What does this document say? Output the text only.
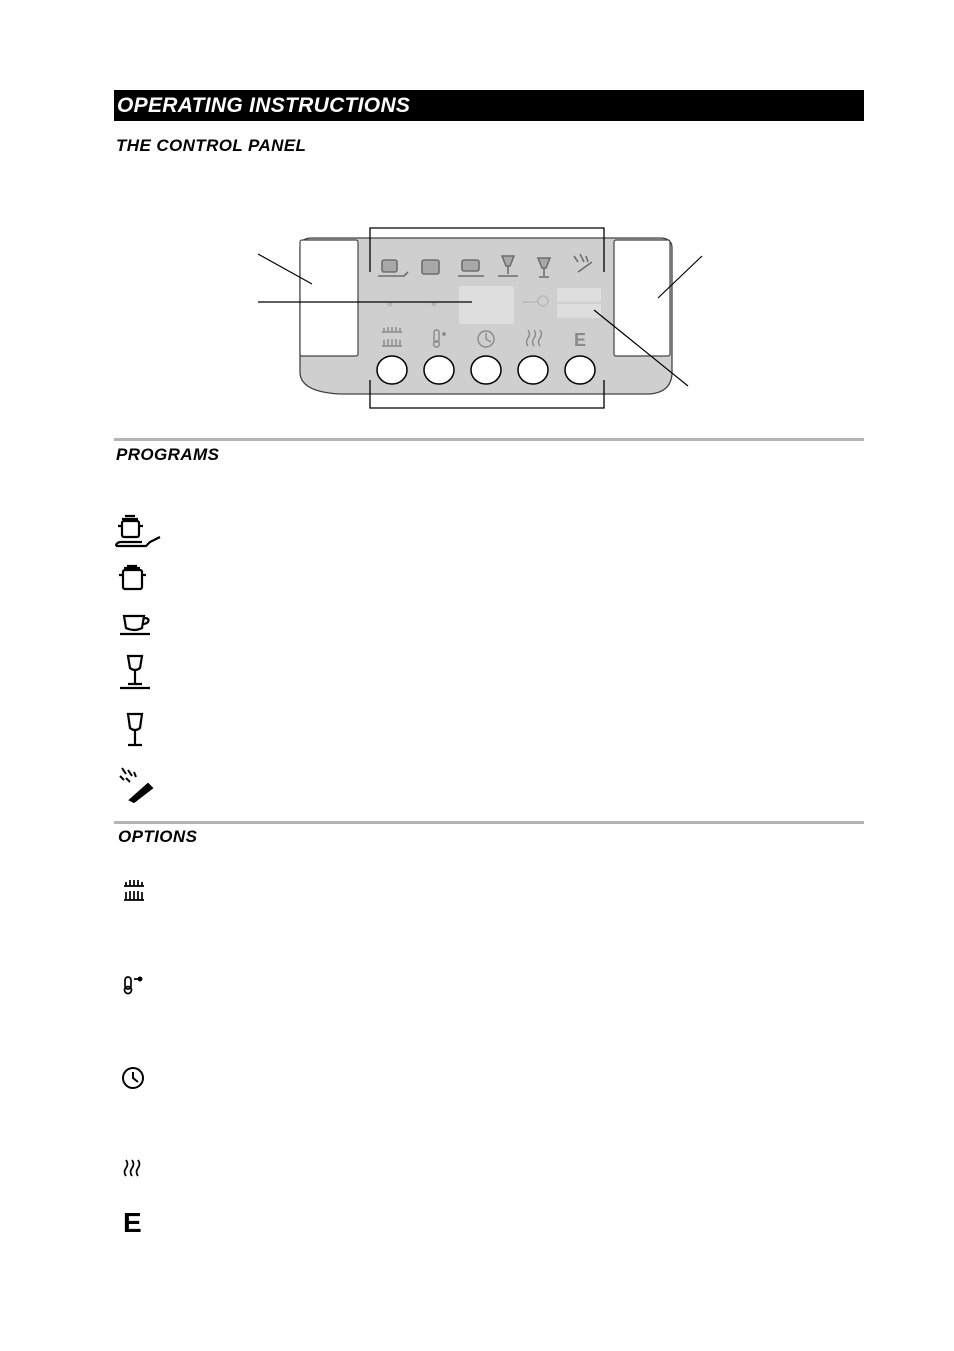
OPERATING INSTRUCTIONS
THE CONTROL PANEL
E
PROGRAMS
OPTIONS
E
